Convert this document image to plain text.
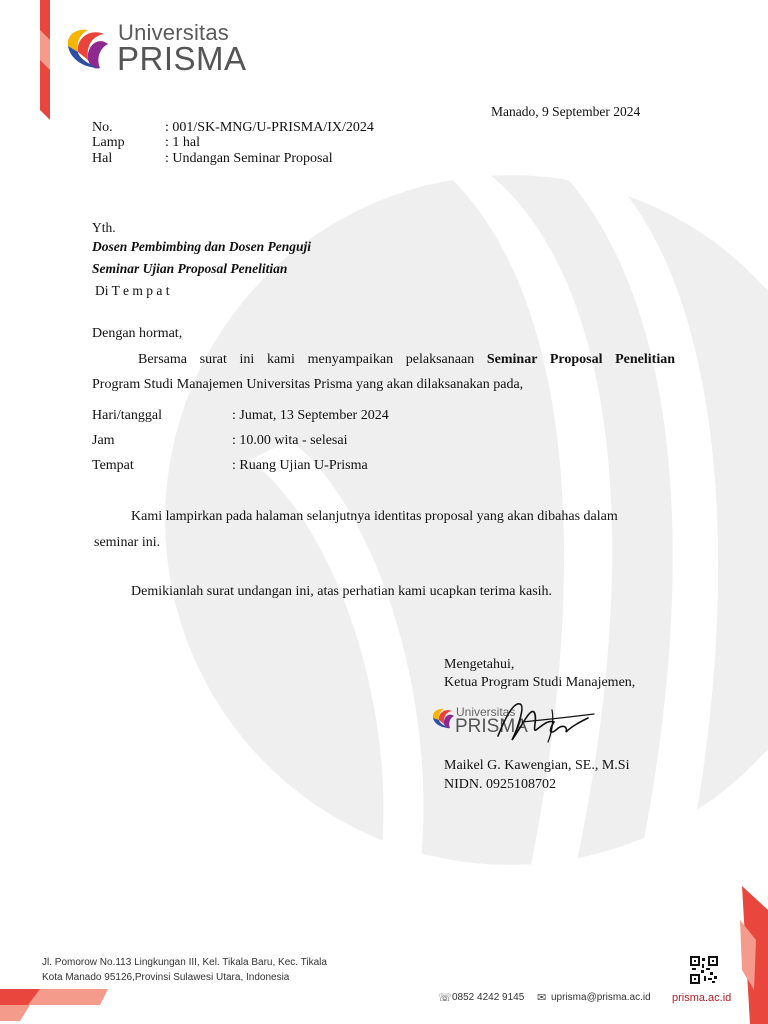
Universitas
PRISMA
Manado, 9 September 2024
No.	: 001/SK-MNG/U-PRISMA/IX/2024
Lamp	: 1 hal
Hal	: Undangan Seminar Proposal
Yth.
Dosen Pembimbing dan Dosen Penguji
Seminar Ujian Proposal Penelitian
Di T e m p a t
Dengan hormat,
Bersama surat ini kami menyampaikan pelaksanaan Seminar Proposal Penelitian
Program Studi Manajemen Universitas Prisma yang akan dilaksanakan pada,
Hari/tanggal	: Jumat, 13 September 2024
Jam	: 10.00 wita - selesai
Tempat	: Ruang Ujian U-Prisma
Kami lampirkan pada halaman selanjutnya identitas proposal yang akan dibahas dalam
seminar ini.
Demikianlah surat undangan ini, atas perhatian kami ucapkan terima kasih.
Mengetahui,
Ketua Program Studi Manajemen,
Universitas
PRISMA
Maikel G. Kawengian, SE., M.Si
NIDN. 0925108702
Jl. Pomorow No.113 Lingkungan III, Kel. Tikala Baru, Kec. Tikala
Kota Manado 95126,Provinsi Sulawesi Utara, Indonesia
☏ 0852 4242 9145 ✉ uprisma@prisma.ac.id prisma.ac.id
